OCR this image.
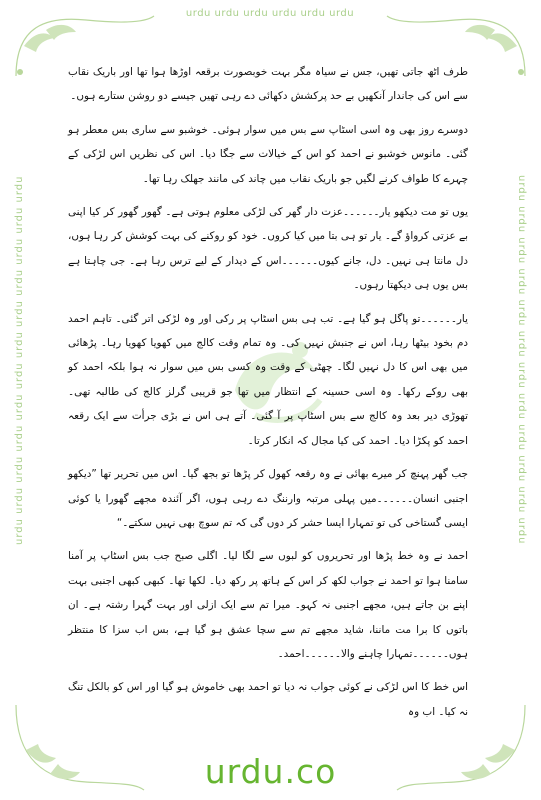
urdu urdu urdu urdu urdu urdu
urdu urdu urdu urdu urdu urdu urdu urdu urdu urdu urdu urdu	urdu urdu urdu urdu urdu urdu urdu urdu urdu urdu urdu urdu

طرف اٹھ جاتی تھیں، جس نے سیاہ مگر بہت خوبصورت برقعہ اوڑھا ہوا تھا اور باریک نقاب سے اس کی جاندار آنکھیں بے حد پرکشش دکھائی دے رہی تھیں جیسے دو روشن ستارے ہوں۔

دوسرے روز بھی وہ اسی اسٹاپ سے بس میں سوار ہوئی۔ خوشبو سے ساری بس معطر ہو گئی۔ مانوس خوشبو نے احمد کو اس کے خیالات سے جگا دیا۔ اس کی نظریں اس لڑکی کے چہرے کا طواف کرنے لگیں جو باریک نقاب میں چاند کی مانند جھلک رہا تھا۔

یوں تو مت دیکھو یار۔۔۔۔۔۔عزت دار گھر کی لڑکی معلوم ہوتی ہے۔ گھور گھور کر کیا اپنی بے عزتی کرواؤ گے۔ یار تو ہی بتا میں کیا کروں۔ خود کو روکنے کی بہت کوشش کر رہا ہوں، دل مانتا ہی نہیں۔ دل، جانے کیوں۔۔۔۔۔۔اس کے دیدار کے لیے ترس رہا ہے۔ جی چاہتا ہے بس یوں ہی دیکھتا رہوں۔

یار۔۔۔۔۔۔تو پاگل ہو گیا ہے۔ تب ہی بس اسٹاپ پر رکی اور وہ لڑکی اتر گئی۔ تاہم احمد دم بخود بیٹھا رہا، اس نے جنبش نہیں کی۔ وہ تمام وقت کالج میں کھویا کھویا رہا۔ پڑھائی میں بھی اس کا دل نہیں لگا۔ چھٹی کے وقت وہ کسی بس میں سوار نہ ہوا بلکہ احمد کو بھی روکے رکھا۔ وہ اسی حسینہ کے انتظار میں تھا جو قریبی گرلز کالج کی طالبہ تھی۔ تھوڑی دیر بعد وہ کالج سے بس اسٹاپ پر آ گئی۔ آتے ہی اس نے بڑی جرأت سے ایک رقعہ احمد کو پکڑا دیا۔ احمد کی کیا مجال کہ انکار کرتا۔

جب گھر پہنچ کر میرے بھائی نے وہ رقعہ کھول کر پڑھا تو بجھ گیا۔ اس میں تحریر تھا ”دیکھو اجنبی انسان۔۔۔۔۔۔میں پہلی مرتبہ وارننگ دے رہی ہوں، اگر آئندہ مجھے گھورا یا کوئی ایسی گستاخی کی تو تمہارا ایسا حشر کر دوں گی کہ تم سوچ بھی نہیں سکتے۔“

احمد نے وہ خط پڑھا اور تحریروں کو لبوں سے لگا لیا۔ اگلی صبح جب بس اسٹاپ پر آمنا سامنا ہوا تو احمد نے جواب لکھ کر اس کے ہاتھ پر رکھ دیا۔ لکھا تھا۔ کبھی کبھی اجنبی بہت اپنے بن جاتے ہیں، مجھے اجنبی نہ کہو۔ میرا تم سے ایک ازلی اور بہت گہرا رشتہ ہے۔ ان باتوں کا برا مت ماننا، شاید مجھے تم سے سچا عشق ہو گیا ہے، بس اب سزا کا منتظر ہوں۔۔۔۔۔۔تمہارا چاہنے والا۔۔۔۔۔۔احمد۔

اس خط کا اس لڑکی نے کوئی جواب نہ دیا تو احمد بھی خاموش ہو گیا اور اس کو بالکل تنگ نہ کیا۔ اب وہ

urdu.co
